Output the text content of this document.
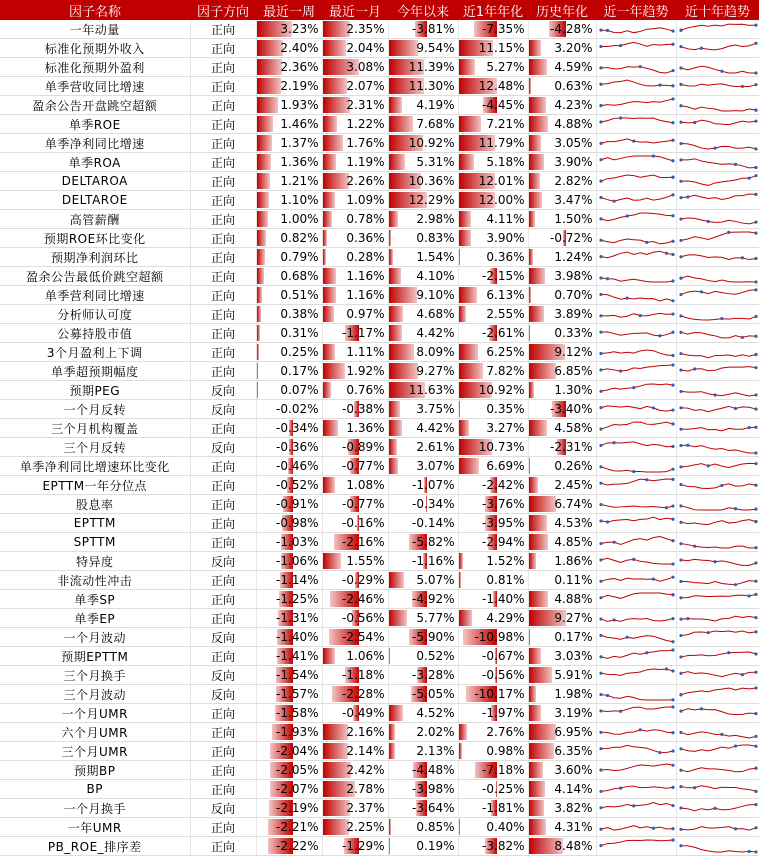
因子名称	因子方向	最近一周	最近一月	今年以来	近1年年化	历史年化	近一年趋势	近十年趋势
一年动量	正向	3.23%	2.35%	-3.81%	-7.35%	-4.28%	

标准化预期外收入	正向	2.40%	2.04%	9.54%	11.15%	3.20%	

标准化预期外盈利	正向	2.36%	3.08%	11.39%	5.27%	4.59%	

单季营收同比增速	正向	2.19%	2.07%	11.30%	12.48%	0.63%	

盈余公告开盘跳空超额	正向	1.93%	2.31%	4.19%	-4.45%	4.23%	

单季ROE	正向	1.46%	1.22%	7.68%	7.21%	4.88%	

单季净利同比增速	正向	1.37%	1.76%	10.92%	11.79%	3.05%	

单季ROA	正向	1.36%	1.19%	5.31%	5.18%	3.90%	

DELTAROA	正向	1.21%	2.26%	10.36%	12.01%	2.82%	

DELTAROE	正向	1.10%	1.09%	12.29%	12.00%	3.47%	

高管薪酬	正向	1.00%	0.78%	2.98%	4.11%	1.50%	

预期ROE环比变化	正向	0.82%	0.36%	0.83%	3.90%	-0.72%	

预期净利润环比	正向	0.79%	0.28%	1.54%	0.36%	1.24%	

盈余公告最低价跳空超额	正向	0.68%	1.16%	4.10%	-2.15%	3.98%	

单季营利同比增速	正向	0.51%	1.16%	9.10%	6.13%	0.70%	

分析师认可度	正向	0.38%	0.97%	4.68%	2.55%	3.89%	

公募持股市值	正向	0.31%	-1.17%	4.42%	-2.61%	0.33%	

3个月盈利上下调	正向	0.25%	1.11%	8.09%	6.25%	9.12%	

单季超预期幅度	正向	0.17%	1.92%	9.27%	7.82%	6.85%	

预期PEG	反向	0.07%	0.76%	11.63%	10.92%	1.30%	

一个月反转	反向	-0.02%	-0.38%	3.75%	0.35%	-3.40%	

三个月机构覆盖	正向	-0.34%	1.36%	4.42%	3.27%	4.58%	

三个月反转	反向	-0.36%	-0.89%	2.61%	10.73%	-2.31%	

单季净利同比增速环比变化	正向	-0.46%	-0.77%	3.07%	6.69%	0.26%	

EPTTM一年分位点	正向	-0.52%	1.08%	-1.07%	-2.42%	2.45%	

股息率	正向	-0.91%	-0.77%	-0.34%	-3.76%	6.74%	

EPTTM	正向	-0.98%	-0.16%	-0.14%	-3.95%	4.53%	

SPTTM	正向	-1.03%	-2.16%	-5.82%	-2.94%	4.85%	

特异度	反向	-1.06%	1.55%	-1.16%	1.52%	1.86%	

非流动性冲击	正向	-1.14%	-0.29%	5.07%	0.81%	0.11%	

单季SP	正向	-1.25%	-2.46%	-4.92%	-1.40%	4.88%	

单季EP	正向	-1.31%	-0.56%	5.77%	4.29%	9.27%	

一个月波动	反向	-1.40%	-2.54%	-5.90%	-10.98%	0.17%	

预期EPTTM	正向	-1.41%	1.06%	0.52%	-0.67%	3.03%	

三个月换手	反向	-1.54%	-1.18%	-3.28%	-0.56%	5.91%	

三个月波动	反向	-1.57%	-2.28%	-5.05%	-10.17%	1.98%	

一个月UMR	正向	-1.58%	-0.49%	4.52%	-1.97%	3.19%	

六个月UMR	正向	-1.93%	2.16%	2.02%	2.76%	6.95%	

三个月UMR	正向	-2.04%	2.14%	2.13%	0.98%	6.35%	

预期BP	正向	-2.05%	2.42%	-4.48%	-7.18%	3.60%	

BP	正向	-2.07%	2.78%	-3.98%	-0.25%	4.14%	

一个月换手	反向	-2.19%	2.37%	-3.64%	-1.81%	3.82%	

一年UMR	正向	-2.21%	2.25%	0.85%	0.40%	4.31%	

PB_ROE_排序差	正向	-2.22%	-1.29%	0.19%	-3.82%	8.48%	
